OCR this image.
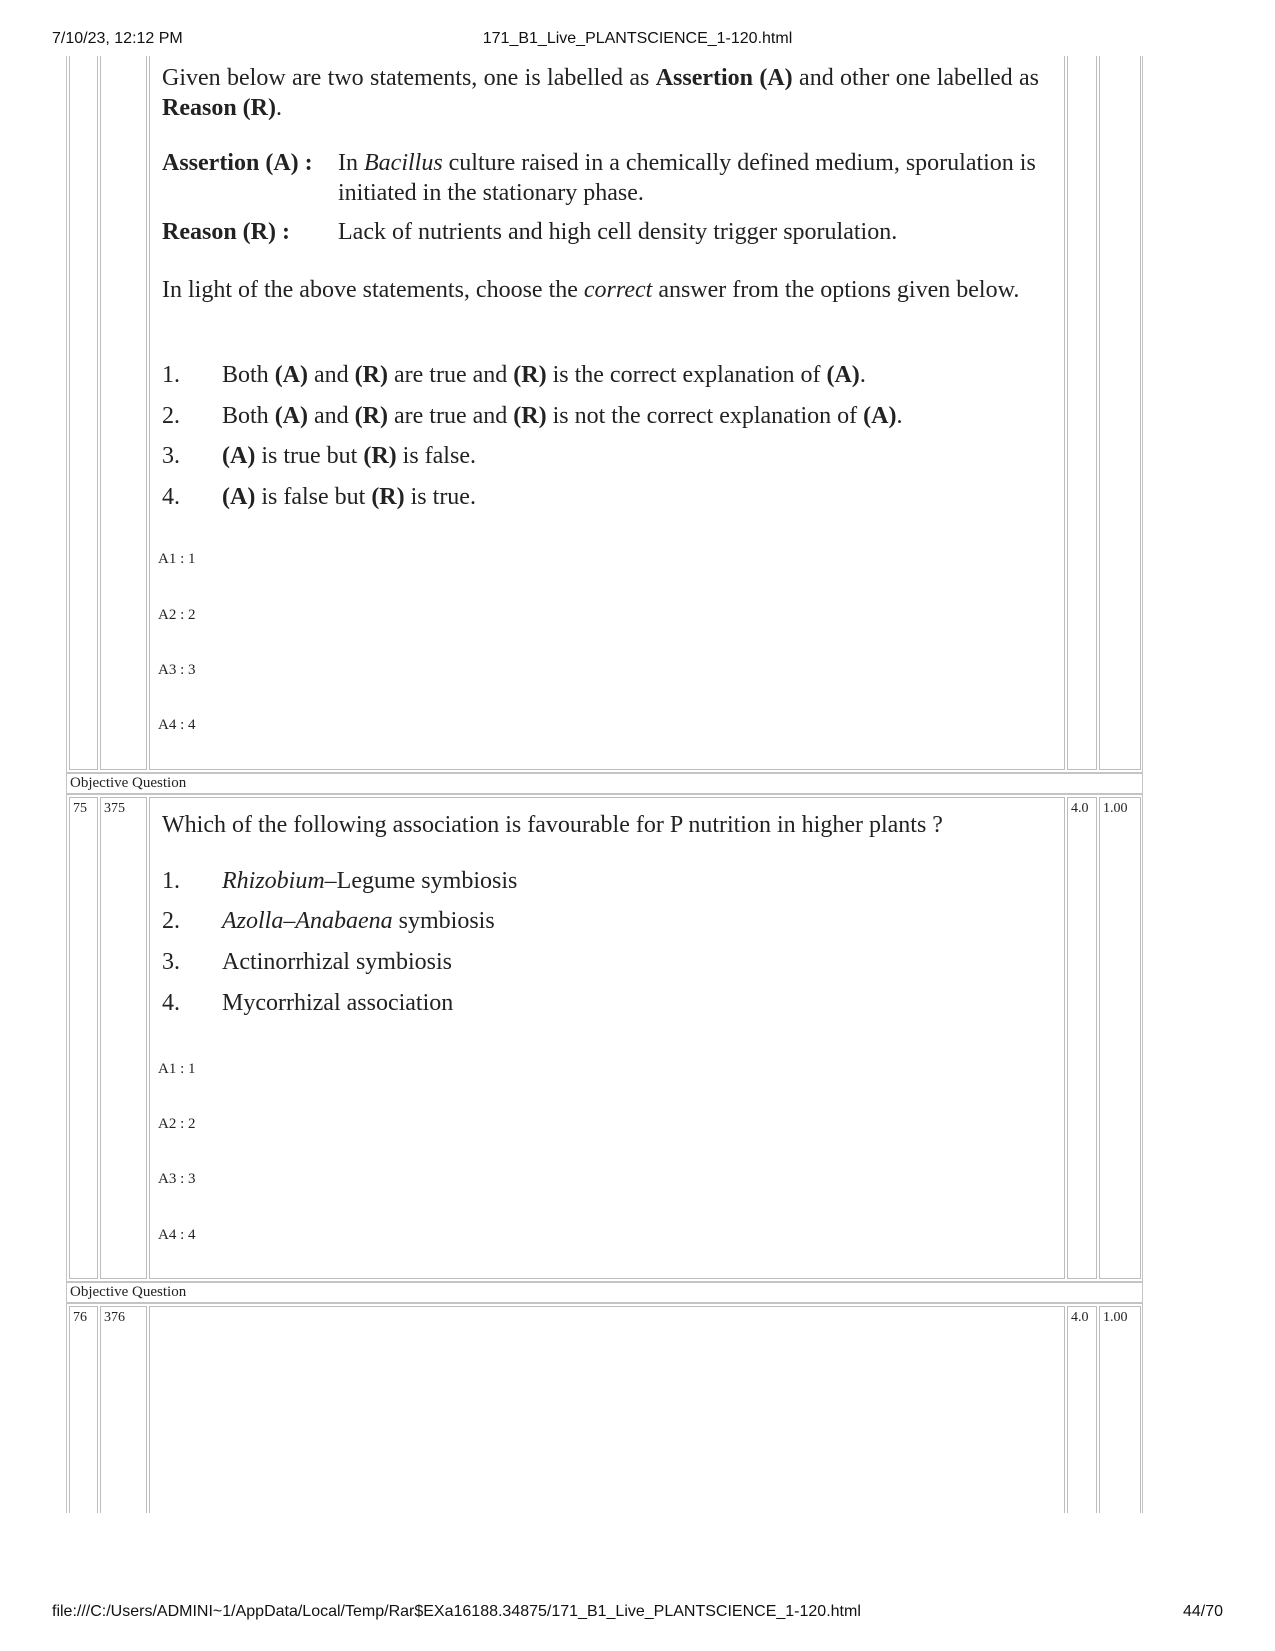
7/10/23, 12:12 PM	171_B1_Live_PLANTSCIENCE_1-120.html
file:///C:/Users/ADMINI~1/AppData/Local/Temp/Rar$EXa16188.34875/171_B1_Live_PLANTSCIENCE_1-120.html	44/70
Given below are two statements, one is labelled as Assertion (A) and other one labelled as Reason (R).
Assertion (A) : In Bacillus culture raised in a chemically defined medium, sporulation is initiated in the stationary phase.
Reason (R) : Lack of nutrients and high cell density trigger sporulation.
In light of the above statements, choose the correct answer from the options given below.
1. Both (A) and (R) are true and (R) is the correct explanation of (A).
2. Both (A) and (R) are true and (R) is not the correct explanation of (A).
3. (A) is true but (R) is false.
4. (A) is false but (R) is true.
A1 : 1
A2 : 2
A3 : 3
A4 : 4
Objective Question
75	375	4.0	1.00
Which of the following association is favourable for P nutrition in higher plants ?
1. Rhizobium–Legume symbiosis
2. Azolla–Anabaena symbiosis
3. Actinorrhizal symbiosis
4. Mycorrhizal association
A1 : 1
A2 : 2
A3 : 3
A4 : 4
Objective Question
76	376	4.0	1.00
